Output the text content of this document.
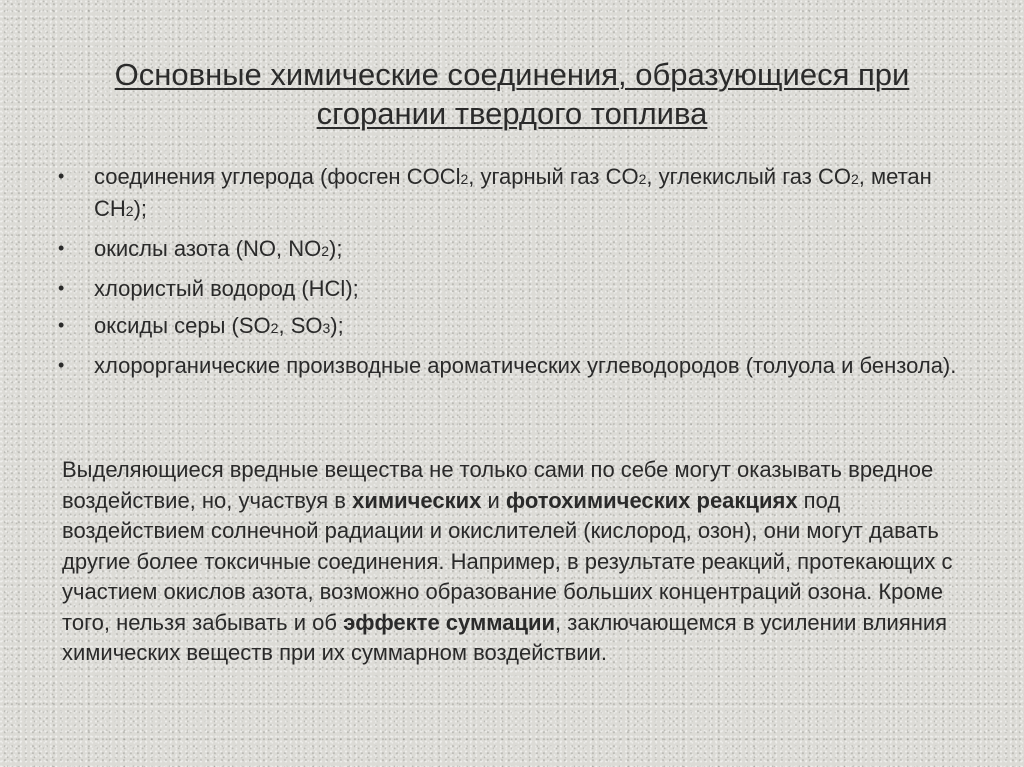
Основные химические соединения, образующиеся при
сгорании твердого топлива
• соединения углерода (фосген COCl2, угарный газ CO2, углекислый газ CO2, метан CH2);
• окислы азота (NO, NO2);
• хлористый водород (HCl);
• оксиды серы (SO2, SO3);
• хлорорганические производные ароматических углеводородов (толуола и бензола).
Выделяющиеся вредные вещества не только сами по себе могут оказывать вредное воздействие, но, участвуя в химических и фотохимических реакциях под воздействием солнечной радиации и окислителей (кислород, озон), они могут давать другие более токсичные соединения. Например, в результате реакций, протекающих с участием окислов азота, возможно образование больших концентраций озона. Кроме того, нельзя забывать и об эффекте суммации, заключающемся в усилении влияния химических веществ при их суммарном воздействии.
